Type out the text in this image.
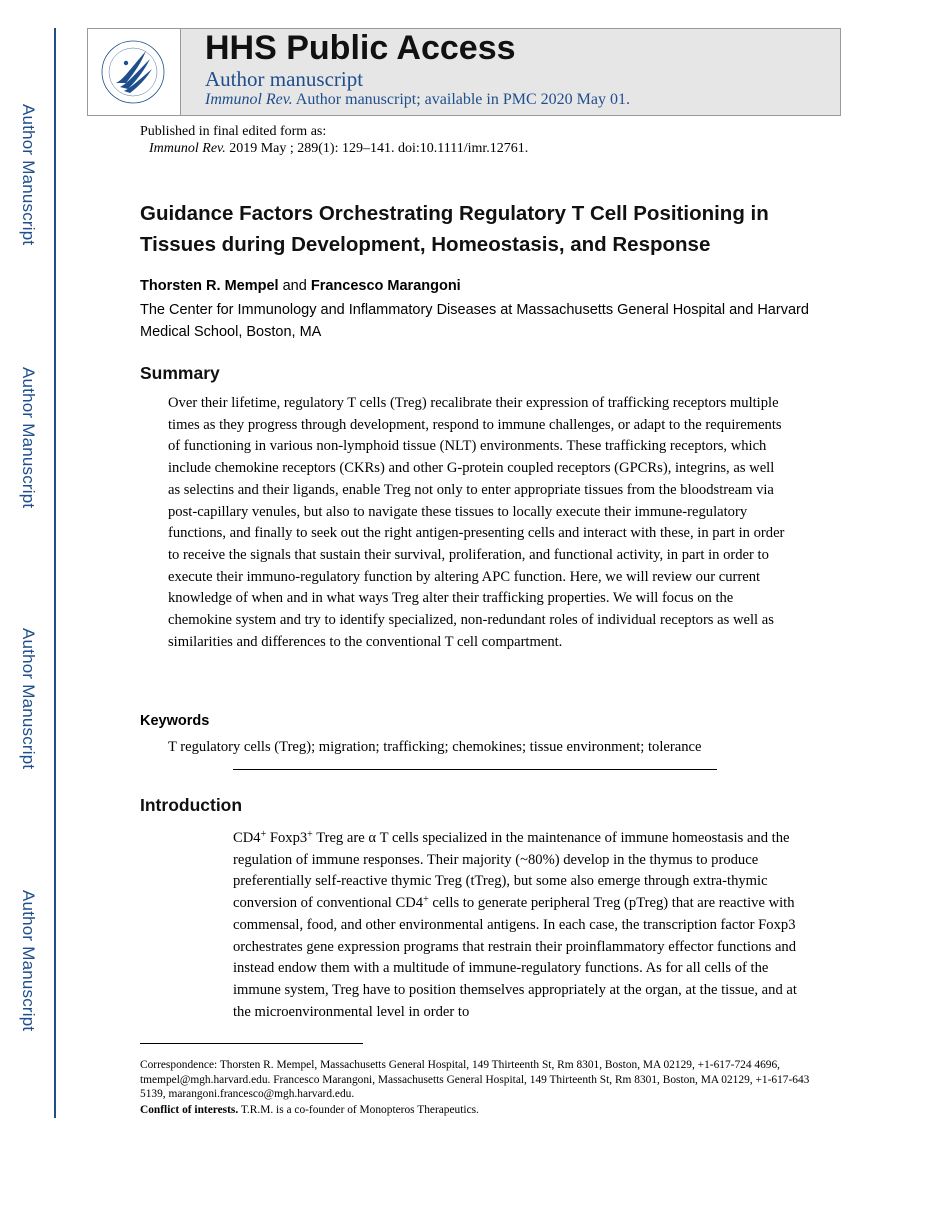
Author Manuscript
Author Manuscript
Author Manuscript
Author Manuscript
HHS Public Access
Author manuscript
Immunol Rev. Author manuscript; available in PMC 2020 May 01.
Published in final edited form as:
Immunol Rev. 2019 May ; 289(1): 129–141. doi:10.1111/imr.12761.
Guidance Factors Orchestrating Regulatory T Cell Positioning in Tissues during Development, Homeostasis, and Response
Thorsten R. Mempel and Francesco Marangoni
The Center for Immunology and Inflammatory Diseases at Massachusetts General Hospital and Harvard Medical School, Boston, MA
Summary
Over their lifetime, regulatory T cells (Treg) recalibrate their expression of trafficking receptors multiple times as they progress through development, respond to immune challenges, or adapt to the requirements of functioning in various non-lymphoid tissue (NLT) environments. These trafficking receptors, which include chemokine receptors (CKRs) and other G-protein coupled receptors (GPCRs), integrins, as well as selectins and their ligands, enable Treg not only to enter appropriate tissues from the bloodstream via post-capillary venules, but also to navigate these tissues to locally execute their immune-regulatory functions, and finally to seek out the right antigen-presenting cells and interact with these, in part in order to receive the signals that sustain their survival, proliferation, and functional activity, in part in order to execute their immuno-regulatory function by altering APC function. Here, we will review our current knowledge of when and in what ways Treg alter their trafficking properties. We will focus on the chemokine system and try to identify specialized, non-redundant roles of individual receptors as well as similarities and differences to the conventional T cell compartment.
Keywords
T regulatory cells (Treg); migration; trafficking; chemokines; tissue environment; tolerance
Introduction
CD4+ Foxp3+ Treg are α T cells specialized in the maintenance of immune homeostasis and the regulation of immune responses. Their majority (~80%) develop in the thymus to produce preferentially self-reactive thymic Treg (tTreg), but some also emerge through extra-thymic conversion of conventional CD4+ cells to generate peripheral Treg (pTreg) that are reactive with commensal, food, and other environmental antigens. In each case, the transcription factor Foxp3 orchestrates gene expression programs that restrain their proinflammatory effector functions and instead endow them with a multitude of immune-regulatory functions. As for all cells of the immune system, Treg have to position themselves appropriately at the organ, at the tissue, and at the microenvironmental level in order to
Correspondence: Thorsten R. Mempel, Massachusetts General Hospital, 149 Thirteenth St, Rm 8301, Boston, MA 02129, +1-617-724 4696, tmempel@mgh.harvard.edu. Francesco Marangoni, Massachusetts General Hospital, 149 Thirteenth St, Rm 8301, Boston, MA 02129, +1-617-643 5139, marangoni.francesco@mgh.harvard.edu.
Conflict of interests. T.R.M. is a co-founder of Monopteros Therapeutics.
